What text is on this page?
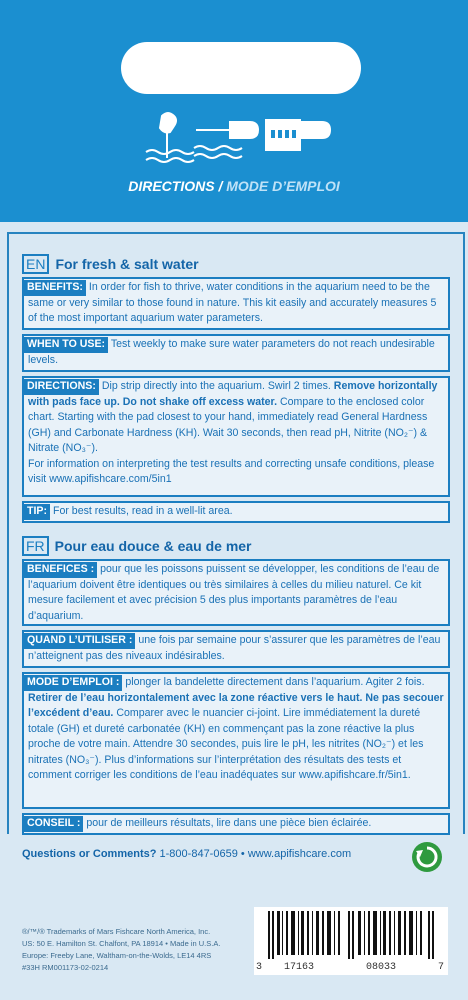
DIRECTIONS / MODE D’EMPLOI
EN For fresh & salt water
BENEFITS: In order for fish to thrive, water conditions in the aquarium need to be the same or very similar to those found in nature. This kit easily and accurately measures 5 of the most important aquarium water parameters.
WHEN TO USE: Test weekly to make sure water parameters do not reach undesirable levels.
DIRECTIONS: Dip strip directly into the aquarium. Swirl 2 times. Remove horizontally with pads face up. Do not shake off excess water. Compare to the enclosed color chart. Starting with the pad closest to your hand, immediately read General Hardness (GH) and Carbonate Hardness (KH). Wait 30 seconds, then read pH, Nitrite (NO₂⁻) & Nitrate (NO₃⁻).
For information on interpreting the test results and correcting unsafe conditions, please visit www.apifishcare.com/5in1
TIP: For best results, read in a well-lit area.
FR Pour eau douce & eau de mer
BENEFICES : pour que les poissons puissent se développer, les conditions de l’eau de l’aquarium doivent être identiques ou très similaires à celles du milieu naturel. Ce kit mesure facilement et avec précision 5 des plus importants paramètres de l’eau d’aquarium.
QUAND L’UTILISER : une fois par semaine pour s’assurer que les paramètres de l’eau n’atteignent pas des niveaux indésirables.
MODE D’EMPLOI : plonger la bandelette directement dans l’aquarium. Agiter 2 fois. Retirer de l’eau horizontalement avec la zone réactive vers le haut. Ne pas secouer l’excédent d’eau. Comparer avec le nuancier ci-joint. Lire immédiatement la dureté totale (GH) et dureté carbonatée (KH) en commençant pas la zone réactive la plus proche de votre main. Attendre 30 secondes, puis lire le pH, les nitrites (NO₂⁻) et les nitrates (NO₃⁻). Plus d’informations sur l’interprétation des résultats des tests et comment corriger les conditions de l’eau inadéquates sur www.apifishcare.fr/5in1.
CONSEIL : pour de meilleurs résultats, lire dans une pièce bien éclairée.
Questions or Comments? 1-800-847-0659 • www.apifishcare.com
®/™/® Trademarks of Mars Fishcare North America, Inc.
US: 50 E. Hamilton St. Chalfont, PA 18914 • Made in U.S.A.
Europe: Freeby Lane, Waltham-on-the-Wolds, LE14 4RS
#33H RM001173-02-0214	3 17163	08033	7
